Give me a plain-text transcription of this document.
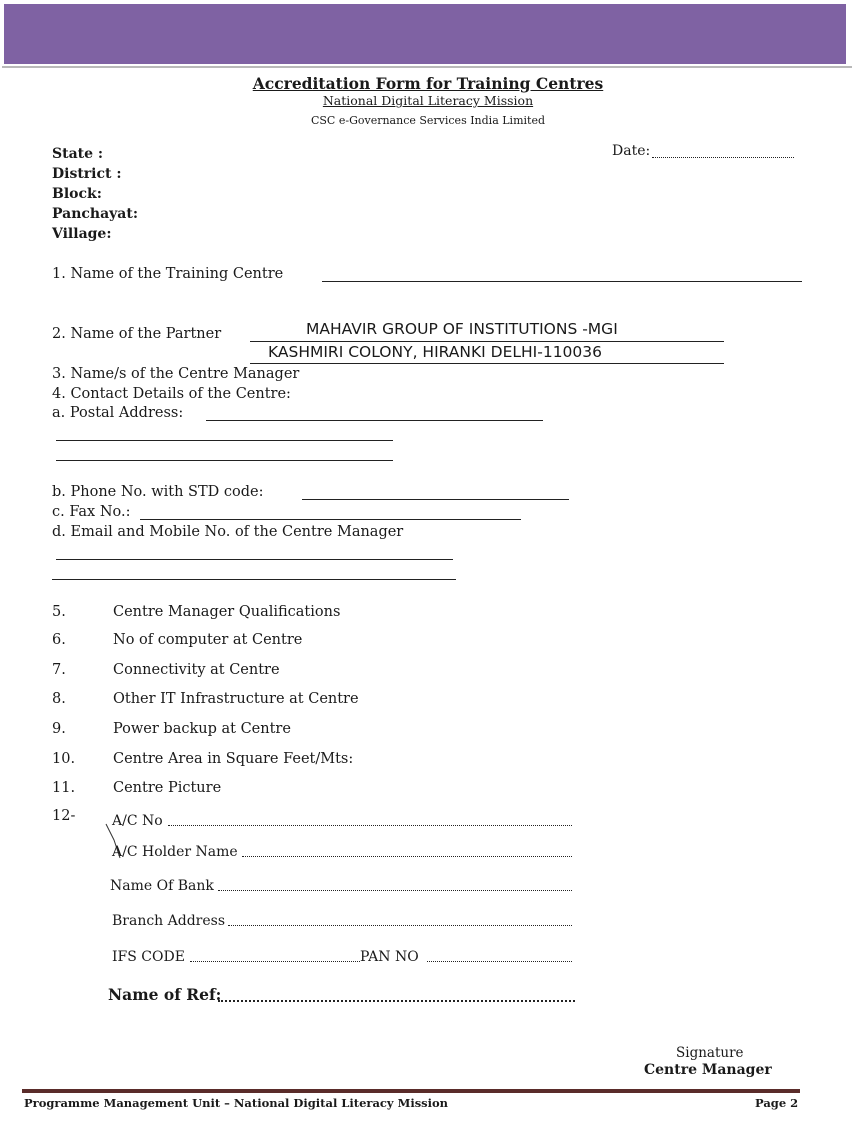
Accreditation Form for Training Centres
National Digital Literacy Mission
CSC e-Governance Services India Limited
State :
District :
Block:
Panchayat:
Village:
Date:
1. Name of the Training Centre
2. Name of the Partner	MAHAVIR GROUP OF INSTITUTIONS -MGI
KASHMIRI COLONY, HIRANKI DELHI-110036
3. Name/s of the Centre Manager
4. Contact Details of the Centre:
a. Postal Address:
b. Phone No. with STD code:
c. Fax No.:
d. Email and Mobile No. of the Centre Manager
5.	Centre Manager Qualifications
6.	No of computer at Centre
7.	Connectivity at Centre
8.	Other IT Infrastructure at Centre
9.	Power backup at Centre
10.	Centre Area in Square Feet/Mts:
11.	Centre Picture
12-	A/C No
A/C Holder Name
Name Of Bank
Branch Address
IFS CODE	PAN NO
Name of Ref:
Signature
Centre Manager
Programme Management Unit – National Digital Literacy Mission	Page 2
